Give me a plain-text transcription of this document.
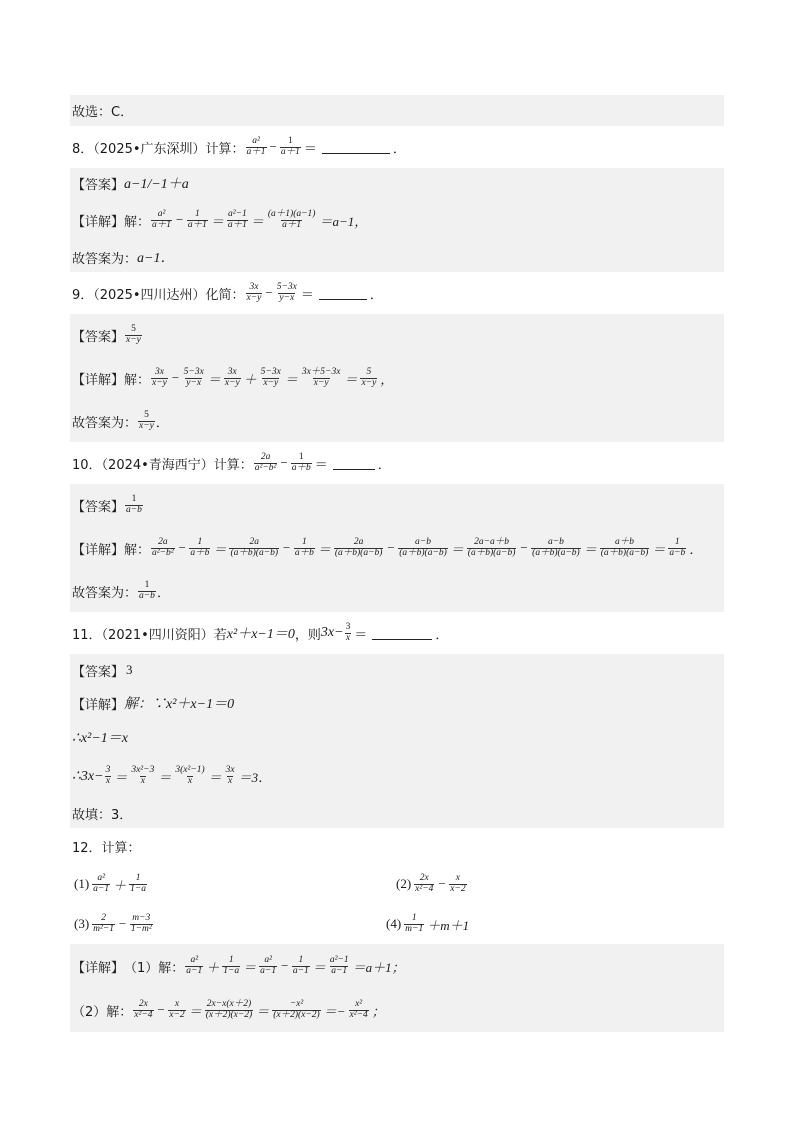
故选：C．
8．（2025•广东深圳）计算： $\frac{\text{a²}}{a+1} - \frac{1}{a+1}$ ＝	．
【答案】 a−1/−1＋a
【详解】 解： $\frac{\text{a²}}{a+1} - \frac{1}{a+1} = \frac{\text{a²−1}}{a+1} = \frac{(a+1)(a-1)}{a+1} =a-1$，
故答案为： a−1．
9．（2025•四川达州）化简： $\frac{3x}{x-y} - \frac{5-3x}{y-x}$ ＝	．
【答案】 $\frac{5}{x-y}$
【详解】 解： $\frac{3x}{x-y} - \frac{5-3x}{y-x} = \frac{3x}{x-y} + \frac{5-3x}{x-y} = \frac{3x+5-3x}{x-y} = \frac{5}{x-y}$ ，
故答案为： $\frac{5}{x-y}$ ．
10．（2024•青海西宁）计算： $\frac{2a}{\text{a²−b²}} - \frac{1}{a+b}$ ＝	．
【答案】 $\frac{1}{a-b}$
【详解】 解： $\frac{2a}{\text{a²−b²}} - \frac{1}{a+b} = \frac{2a}{(a+b)(a-b)} - \frac{1}{a+b} = \frac{2a}{(a+b)(a-b)} - \frac{a-b}{(a+b)(a-b)} = \frac{2a-a+b}{(a+b)(a-b)} - \frac{a-b}{(a+b)(a-b)} = \frac{a+b}{(a+b)(a-b)} = \frac{1}{a-b}$ ．
故答案为： $\frac{1}{a-b}$ ．
11．（2021•四川资阳）若 x²＋x−1＝0 ，则 $3x- \frac{3}{x}$ ＝	．
【答案】 3
【详解】 解：∵x²＋x−1＝0
∴x²−1＝x
∴3x− $\frac{3}{x} = \frac{\text{3x²−3}}{x} = \frac{\text{3(x²−1)}}{x} = \frac{3x}{x} =3$．
故填：3．
12．计算：
$(1) \frac{\text{a²}}{a-1} + \frac{1}{1-a}$	$(2) \frac{2x}{\text{x²−4}} - \frac{x}{x-2}$
$(3) \frac{2}{\text{m²−1}} - \frac{m-3}{\text{1−m²}}$	$(4) \frac{1}{m-1} +m+1$
【详解】 （1）解： $\frac{\text{a²}}{a-1} + \frac{1}{1-a} = \frac{\text{a²}}{a-1} - \frac{1}{a-1} = \frac{\text{a²−1}}{a-1} =a+1$；
（2）解： $\frac{2x}{\text{x²−4}} - \frac{x}{x-2} = \frac{2x-x(x+2)}{(x+2)(x-2)} = \frac{\text{−x²}}{(x+2)(x-2)} =- \frac{\text{x²}}{\text{x²−4}}$ ；
